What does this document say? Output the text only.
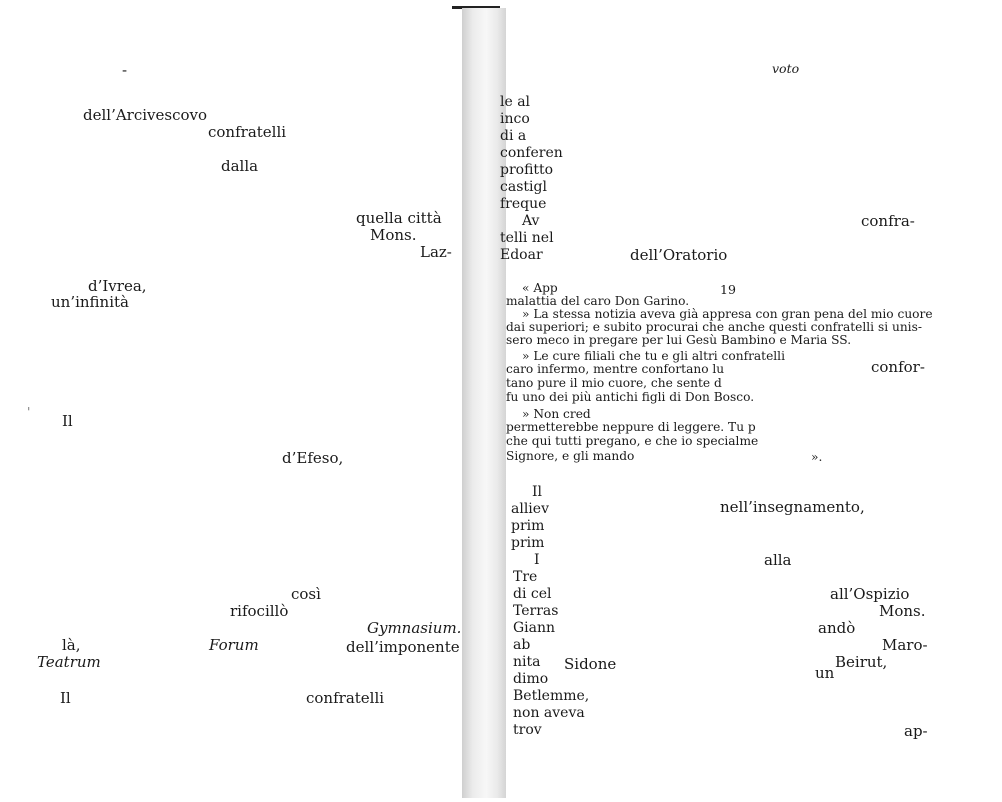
-
'
dell’Arcivescovo
confratelli
dalla
quella città
Mons.
Laz-
d’Ivrea,
un’infinità
Il
d’Efeso,
così
rifocillò
là,	Forum
Gymnasium.
Teatrum
dell’imponente
Il	confratelli
voto
le al
inco
di a
conferen
profitto
castigl
freque
Av
telli nel
Edoar
confra-
dell’Oratorio
19
« App
malattia del caro Don Garino.
» La stessa notizia aveva già appresa con gran pena del mio cuore
dai superiori; e subito procurai che anche questi confratelli si unis-
sero meco in pregare per lui Gesù Bambino e Maria SS.
» Le cure filiali che tu e gli altri confratelli
caro infermo, mentre confortano lu
tano pure il mio cuore, che sente d
fu uno dei più antichi figli di Don Bosco.
» Non cred
permetterebbe neppure di leggere. Tu p
che qui tutti pregano, e che io specialme
Signore, e gli mando
confor-
».
Il
alliev
prim
prim
I
Tre
di cel
Terras
Giann
ab
nita
dimo
Betlemme,
non aveva
trov
nell’insegnamento,
alla
all’Ospizio
Mons.
andò
Maro-
Sidone	un
Beirut,
ap-
